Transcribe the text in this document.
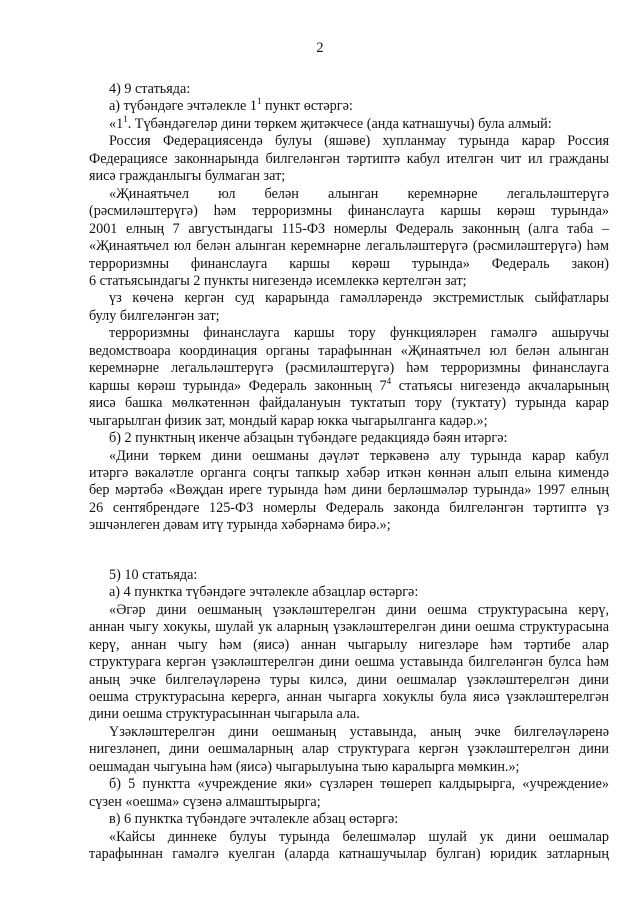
2

4) 9 статьяда:

а) түбәндәге эчтәлекле $1^1$ пункт өстәргә:

«$1^1$. Түбәндәгеләр дини төркем җитәкчесе (анда катнашучы) була алмый:

Россия Федерациясендә булуы (яшәве) хупланмау турында карар Россия

Федерациясе законнарында билгеләнгән тәртиптә кабул ителгән чит ил гражданы

яисә гражданлыгы булмаган зат;

«Җинаятьчел юл белән алынган керемнәрне легальләштерүгә

(рәсмиләштерүгә) һәм терроризмны финанслауга каршы көрәш турында»

2001 елның 7 августындагы 115-ФЗ номерлы Федераль законның (алга таба –

«Җинаятьчел юл белән алынган керемнәрне легальләштерүгә (рәсмиләштерүгә) һәм

терроризмны финанслауга каршы көрәш турында» Федераль закон)

6 статьясындагы 2 пункты нигезендә исемлеккә кертелгән зат;

үз көченә кергән суд карарында гамәлләрендә экстремистлык сыйфатлары

булу билгеләнгән зат;

терроризмны финанслауга каршы тору функцияләрен гамәлгә ашыручы

ведомствоара координация органы тарафыннан «Җинаятьчел юл белән алынган

керемнәрне легальләштерүгә (рәсмиләштерүгә) һәм терроризмны финанслауга

каршы көрәш турында» Федераль законның $7^4$ статьясы нигезендә акчаларының

яисә башка мөлкәтеннән файдалануын туктатып тору (туктату) турында карар

чыгарылган физик зат, мондый карар юкка чыгарылганга кадәр.»;

б) 2 пунктның икенче абзацын түбәндәге редакциядә бәян итәргә:

«Дини төркем дини оешманы дәүләт теркәвенә алу турында карар кабул

итәргә вәкаләтле органга соңгы тапкыр хәбәр иткән көннән алып елына кимендә

бер мәртәбә «Вөҗдан иреге турында һәм дини берләшмәләр турында» 1997 елның

26 сентябрендәге 125-ФЗ номерлы Федераль законда билгеләнгән тәртиптә үз

эшчәнлеген дәвам итү турында хәбәрнамә бирә.»;

5) 10 статьяда:

а) 4 пунктка түбәндәге эчтәлекле абзацлар өстәргә:

«Әгәр дини оешманың үзәкләштерелгән дини оешма структурасына керү,

аннан чыгу хокукы, шулай ук аларның үзәкләштерелгән дини оешма структурасына

керү, аннан чыгу һәм (яисә) аннан чыгарылу нигезләре һәм тәртибе алар

структурага кергән үзәкләштерелгән дини оешма уставында билгеләнгән булса һәм

аның эчке билгеләүләренә туры килсә, дини оешмалар үзәкләштерелгән дини

оешма структурасына керергә, аннан чыгарга хокуклы була яисә үзәкләштерелгән

дини оешма структурасыннан чыгарыла ала.

Үзәкләштерелгән дини оешманың уставында, аның эчке билгеләүләренә

нигезләнеп, дини оешмаларның алар структурага кергән үзәкләштерелгән дини

оешмадан чыгуына һәм (яисә) чыгарылуына тыю каралырга мөмкин.»;

б) 5 пунктта «учреждение яки» сүзләрен төшереп калдырырга, «учреждение»

сүзен «оешма» сүзенә алмаштырырга;

в) 6 пунктка түбәндәге эчтәлекле абзац өстәргә:

«Кайсы диннеке булуы турында белешмәләр шулай ук дини оешмалар

тарафыннан гамәлгә куелган (аларда катнашучылар булган) юридик затларның
